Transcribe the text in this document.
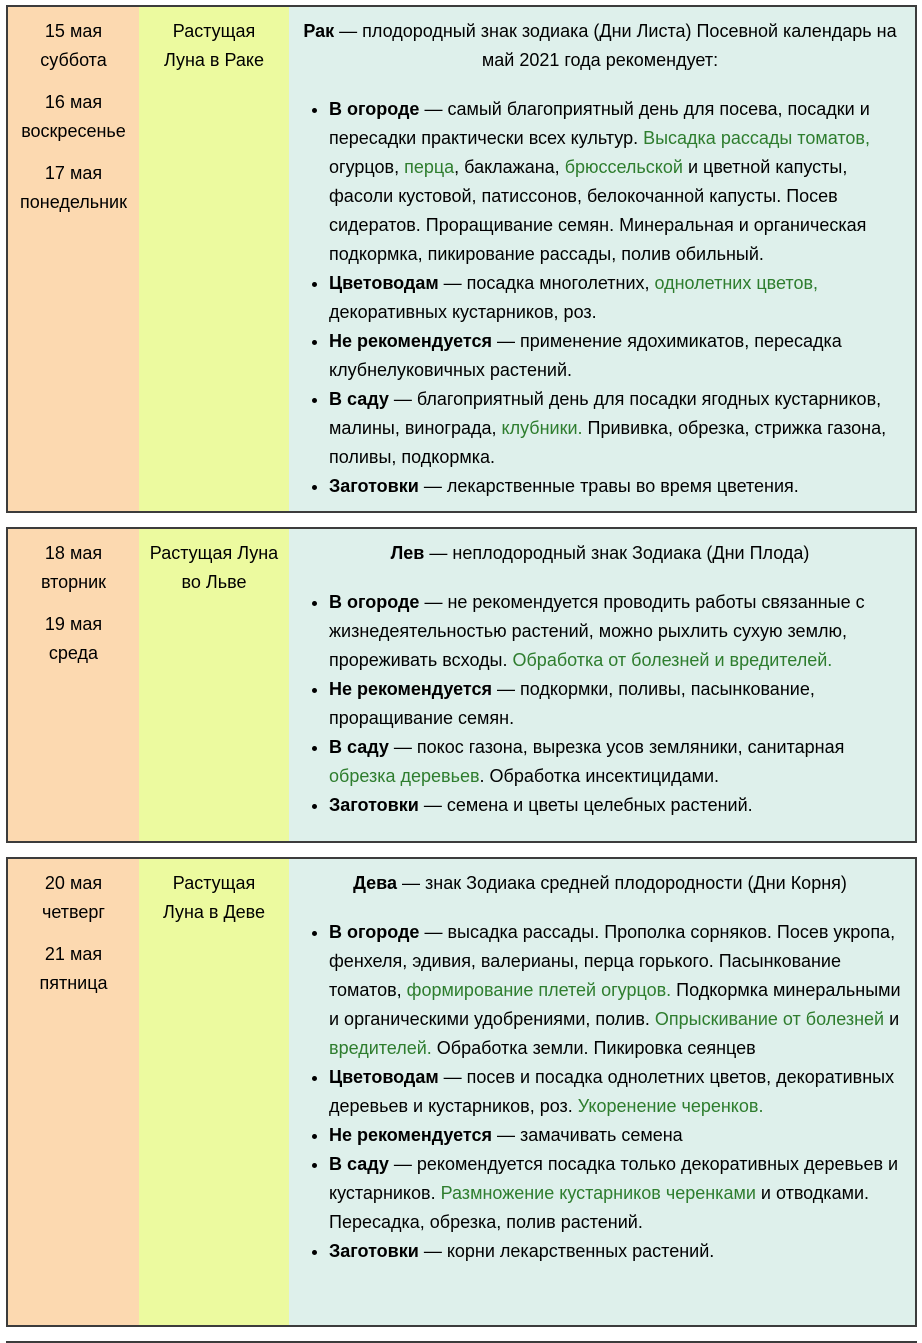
15 мая
суббота

16 мая
воскресенье

17 мая
понедельник

Растущая
Луна в Раке

Рак — плодородный знак зодиака (Дни Листа) Посевной календарь на май 2021 года рекомендует:

• В огороде — самый благоприятный день для посева, посадки и пересадки практически всех культур. Высадка рассады томатов, огурцов, перца, баклажана, брюссельской и цветной капусты, фасоли кустовой, патиссонов, белокочанной капусты. Посев сидератов. Проращивание семян. Минеральная и органическая подкормка, пикирование рассады, полив обильный.
• Цветоводам — посадка многолетних, однолетних цветов, декоративных кустарников, роз.
• Не рекомендуется — применение ядохимикатов, пересадка клубнелуковичных растений.
• В саду — благоприятный день для посадки ягодных кустарников, малины, винограда, клубники. Прививка, обрезка, стрижка газона, поливы, подкормка.
• Заготовки — лекарственные травы во время цветения.

18 мая
вторник

19 мая
среда

Растущая Луна
во Льве

Лев — неплодородный знак Зодиака (Дни Плода)

• В огороде — не рекомендуется проводить работы связанные с жизнедеятельностью растений, можно рыхлить сухую землю, прореживать всходы. Обработка от болезней и вредителей.
• Не рекомендуется — подкормки, поливы, пасынкование, проращивание семян.
• В саду — покос газона, вырезка усов земляники, санитарная обрезка деревьев. Обработка инсектицидами.
• Заготовки — семена и цветы целебных растений.

20 мая
четверг

21 мая
пятница

Растущая
Луна в Деве

Дева — знак Зодиака средней плодородности (Дни Корня)

• В огороде — высадка рассады. Прополка сорняков. Посев укропа, фенхеля, эдивия, валерианы, перца горького. Пасынкование томатов, формирование плетей огурцов. Подкормка минеральными и органическими удобрениями, полив. Опрыскивание от болезней и вредителей. Обработка земли. Пикировка сеянцев
• Цветоводам — посев и посадка однолетних цветов, декоративных деревьев и кустарников, роз. Укоренение черенков.
• Не рекомендуется — замачивать семена
• В саду — рекомендуется посадка только декоративных деревьев и кустарников. Размножение кустарников черенками и отводками. Пересадка, обрезка, полив растений.
• Заготовки — корни лекарственных растений.
